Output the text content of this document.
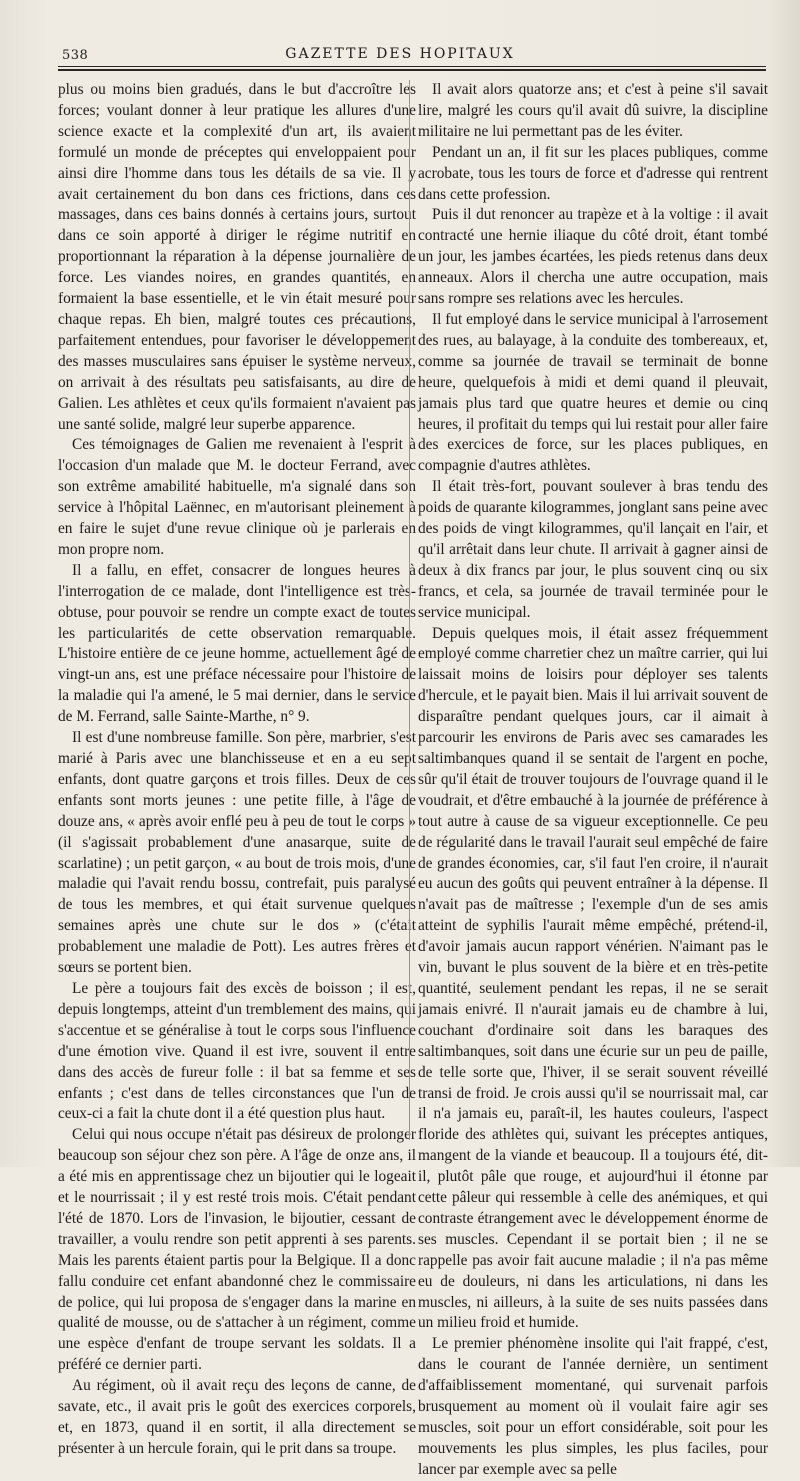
538	GAZETTE DES HOPITAUX

plus ou moins bien gradués, dans le but d'accroître les forces; voulant donner à leur pratique les allures d'une science exacte et la complexité d'un art, ils avaient formulé un monde de préceptes qui enveloppaient pour ainsi dire l'homme dans tous les détails de sa vie. Il y avait certainement du bon dans ces frictions, dans ces massages, dans ces bains donnés à certains jours, surtout dans ce soin apporté à diriger le régime nutritif en proportionnant la réparation à la dépense journalière de force. Les viandes noires, en grandes quantités, en formaient la base essentielle, et le vin était mesuré pour chaque repas. Eh bien, malgré toutes ces précautions, parfaitement entendues, pour favoriser le développement des masses musculaires sans épuiser le système nerveux, on arrivait à des résultats peu satisfaisants, au dire de Galien. Les athlètes et ceux qu'ils formaient n'avaient pas une santé solide, malgré leur superbe apparence.

Ces témoignages de Galien me revenaient à l'esprit à l'occasion d'un malade que M. le docteur Ferrand, avec son extrême amabilité habituelle, m'a signalé dans son service à l'hôpital Laënnec, en m'autorisant pleinement à en faire le sujet d'une revue clinique où je parlerais en mon propre nom.

Il a fallu, en effet, consacrer de longues heures à l'interrogation de ce malade, dont l'intelligence est très-obtuse, pour pouvoir se rendre un compte exact de toutes les particularités de cette observation remarquable. L'histoire entière de ce jeune homme, actuellement âgé de vingt-un ans, est une préface nécessaire pour l'histoire de la maladie qui l'a amené, le 5 mai dernier, dans le service de M. Ferrand, salle Sainte-Marthe, n° 9.

Il est d'une nombreuse famille. Son père, marbrier, s'est marié à Paris avec une blanchisseuse et en a eu sept enfants, dont quatre garçons et trois filles. Deux de ces enfants sont morts jeunes : une petite fille, à l'âge de douze ans, « après avoir enflé peu à peu de tout le corps » (il s'agissait probablement d'une anasarque, suite de scarlatine) ; un petit garçon, « au bout de trois mois, d'une maladie qui l'avait rendu bossu, contrefait, puis paralysé de tous les membres, et qui était survenue quelques semaines après une chute sur le dos » (c'était probablement une maladie de Pott). Les autres frères et sœurs se portent bien.

Le père a toujours fait des excès de boisson ; il est, depuis longtemps, atteint d'un tremblement des mains, qui s'accentue et se généralise à tout le corps sous l'influence d'une émotion vive. Quand il est ivre, souvent il entre dans des accès de fureur folle : il bat sa femme et ses enfants ; c'est dans de telles circonstances que l'un de ceux-ci a fait la chute dont il a été question plus haut.

Celui qui nous occupe n'était pas désireux de prolonger beaucoup son séjour chez son père. A l'âge de onze ans, il a été mis en apprentissage chez un bijoutier qui le logeait et le nourrissait ; il y est resté trois mois. C'était pendant l'été de 1870. Lors de l'invasion, le bijoutier, cessant de travailler, a voulu rendre son petit apprenti à ses parents. Mais les parents étaient partis pour la Belgique. Il a donc fallu conduire cet enfant abandonné chez le commissaire de police, qui lui proposa de s'engager dans la marine en qualité de mousse, ou de s'attacher à un régiment, comme une espèce d'enfant de troupe servant les soldats. Il a préféré ce dernier parti.

Au régiment, où il avait reçu des leçons de canne, de savate, etc., il avait pris le goût des exercices corporels, et, en 1873, quand il en sortit, il alla directement se présenter à un hercule forain, qui le prit dans sa troupe.

Il avait alors quatorze ans; et c'est à peine s'il savait lire, malgré les cours qu'il avait dû suivre, la discipline militaire ne lui permettant pas de les éviter.

Pendant un an, il fit sur les places publiques, comme acrobate, tous les tours de force et d'adresse qui rentrent dans cette profession.

Puis il dut renoncer au trapèze et à la voltige : il avait contracté une hernie iliaque du côté droit, étant tombé un jour, les jambes écartées, les pieds retenus dans deux anneaux. Alors il chercha une autre occupation, mais sans rompre ses relations avec les hercules.

Il fut employé dans le service municipal à l'arrosement des rues, au balayage, à la conduite des tombereaux, et, comme sa journée de travail se terminait de bonne heure, quelquefois à midi et demi quand il pleuvait, jamais plus tard que quatre heures et demie ou cinq heures, il profitait du temps qui lui restait pour aller faire des exercices de force, sur les places publiques, en compagnie d'autres athlètes.

Il était très-fort, pouvant soulever à bras tendu des poids de quarante kilogrammes, jonglant sans peine avec des poids de vingt kilogrammes, qu'il lançait en l'air, et qu'il arrêtait dans leur chute. Il arrivait à gagner ainsi de deux à dix francs par jour, le plus souvent cinq ou six francs, et cela, sa journée de travail terminée pour le service municipal.

Depuis quelques mois, il était assez fréquemment employé comme charretier chez un maître carrier, qui lui laissait moins de loisirs pour déployer ses talents d'hercule, et le payait bien. Mais il lui arrivait souvent de disparaître pendant quelques jours, car il aimait à parcourir les environs de Paris avec ses camarades les saltimbanques quand il se sentait de l'argent en poche, sûr qu'il était de trouver toujours de l'ouvrage quand il le voudrait, et d'être embauché à la journée de préférence à tout autre à cause de sa vigueur exceptionnelle. Ce peu de régularité dans le travail l'aurait seul empêché de faire de grandes économies, car, s'il faut l'en croire, il n'aurait eu aucun des goûts qui peuvent entraîner à la dépense. Il n'avait pas de maîtresse ; l'exemple d'un de ses amis atteint de syphilis l'aurait même empêché, prétend-il, d'avoir jamais aucun rapport vénérien. N'aimant pas le vin, buvant le plus souvent de la bière et en très-petite quantité, seulement pendant les repas, il ne se serait jamais enivré. Il n'aurait jamais eu de chambre à lui, couchant d'ordinaire soit dans les baraques des saltimbanques, soit dans une écurie sur un peu de paille, de telle sorte que, l'hiver, il se serait souvent réveillé transi de froid. Je crois aussi qu'il se nourrissait mal, car il n'a jamais eu, paraît-il, les hautes couleurs, l'aspect floride des athlètes qui, suivant les préceptes antiques, mangent de la viande et beaucoup. Il a toujours été, dit-il, plutôt pâle que rouge, et aujourd'hui il étonne par cette pâleur qui ressemble à celle des anémiques, et qui contraste étrangement avec le développement énorme de ses muscles. Cependant il se portait bien ; il ne se rappelle pas avoir fait aucune maladie ; il n'a pas même eu de douleurs, ni dans les articulations, ni dans les muscles, ni ailleurs, à la suite de ses nuits passées dans un milieu froid et humide.

Le premier phénomène insolite qui l'ait frappé, c'est, dans le courant de l'année dernière, un sentiment d'affaiblissement momentané, qui survenait parfois brusquement au moment où il voulait faire agir ses muscles, soit pour un effort considérable, soit pour les mouvements les plus simples, les plus faciles, pour lancer par exemple avec sa pelle
